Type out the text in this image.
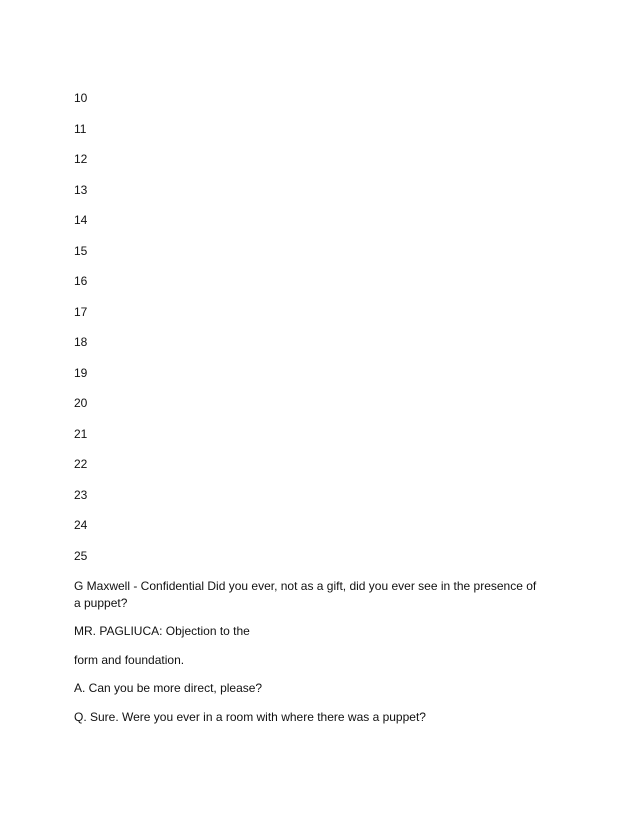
10
11
12
13
14
15
16
17
18
19
20
21
22
23
24
25

G Maxwell - Confidential Did you ever, not as a gift, did you ever see in the presence of a puppet?

MR. PAGLIUCA: Objection to the

form and foundation.

A. Can you be more direct, please?

Q. Sure. Were you ever in a room with where there was a puppet?
